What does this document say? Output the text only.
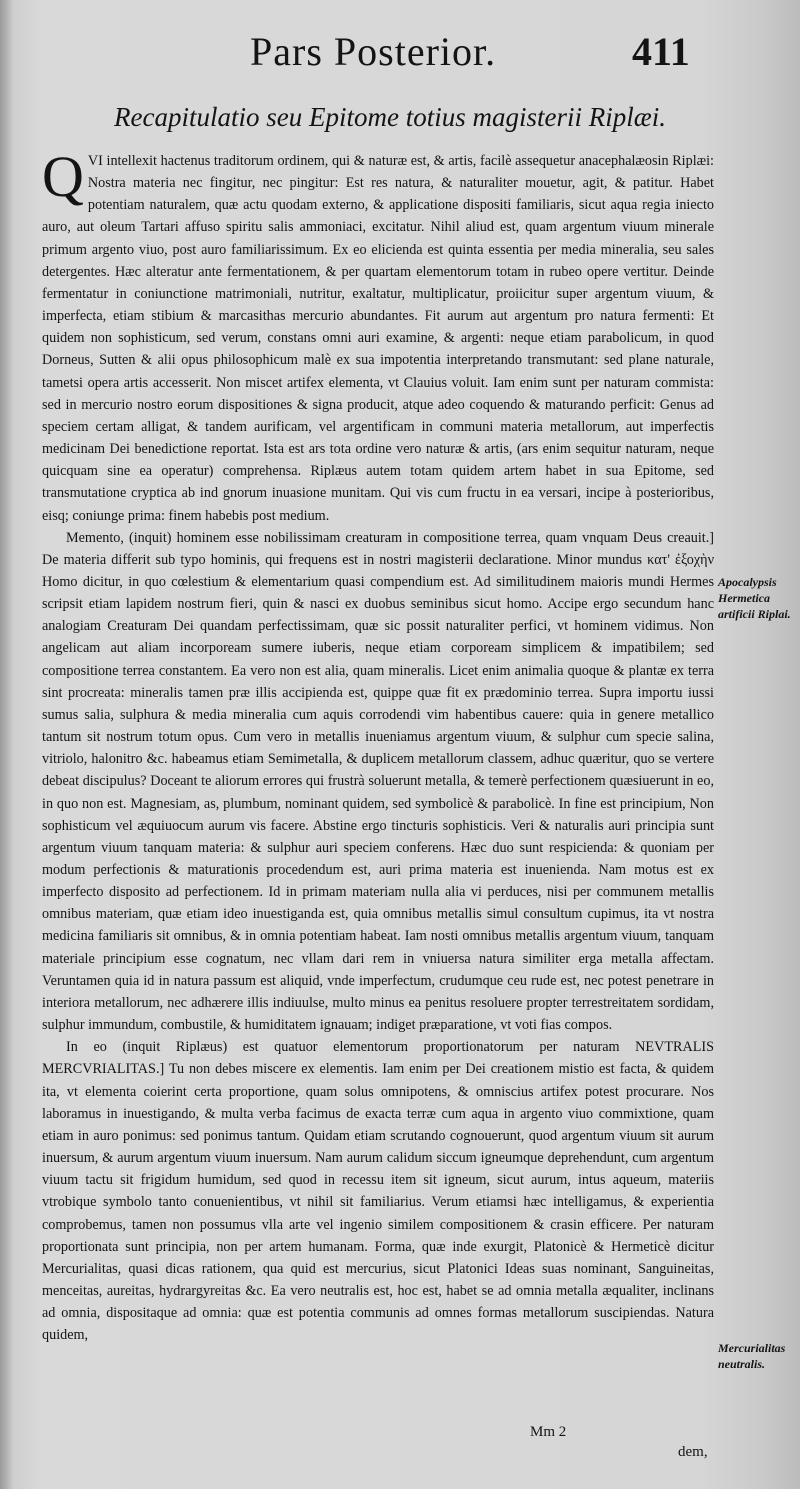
Pars Posterior.	411
Recapitulatio seu Epitome totius magisterii Riplæi.

Q VI intellexit hactenus traditorum ordinem, qui & naturæ est, & artis, facilè assequetur anacephalæosin Riplæi: Nostra materia nec fingitur, nec pingitur: Est res natura, & naturaliter mouetur, agit, & patitur. Habet potentiam naturalem, quæ actu quodam externo, & applicatione dispositi familiaris, sicut aqua regia iniecto auro, aut oleum Tartari affuso spiritu salis ammoniaci, excitatur. Nihil aliud est, quam argentum viuum minerale primum argento viuo, post auro familiarissimum. Ex eo elicienda est quinta essentia per media mineralia, seu sales detergentes. Hæc alteratur ante fermentationem, & per quartam elementorum totam in rubeo opere vertitur. Deinde fermentatur in coniunctione matrimoniali, nutritur, exaltatur, multiplicatur, proiicitur super argentum viuum, & imperfecta, etiam stibium & marcasithas mercurio abundantes. Fit aurum aut argentum pro natura fermenti: Et quidem non sophisticum, sed verum, constans omni auri examine, & argenti: neque etiam parabolicum, in quod Dorneus, Sutten & alii opus philosophicum malè ex sua impotentia interpretando transmutant: sed plane naturale, tametsi opera artis accesserit. Non miscet artifex elementa, vt Clauius voluit. Iam enim sunt per naturam commista: sed in mercurio nostro eorum dispositiones & signa producit, atque adeo coquendo & maturando perficit: Genus ad speciem certam alligat, & tandem aurificam, vel argentificam in communi materia metallorum, aut imperfectis medicinam Dei benedictione reportat. Ista est ars tota ordine vero naturæ & artis, (ars enim sequitur naturam, neque quicquam sine ea operatur) comprehensa. Riplæus autem totam quidem artem habet in sua Epitome, sed transmutatione cryptica ab ind gnorum inuasione munitam. Qui vis cum fructu in ea versari, incipe à posterioribus, eisq; coniunge prima: finem habebis post medium.

Memento, (inquit) hominem esse nobilissimam creaturam in compositione terrea, quam vnquam Deus creauit.] De materia differit sub typo hominis, qui frequens est in nostri magisterii declaratione. Minor mundus κατ' ἐξοχὴν Homo dicitur, in quo cœlestium & elementarium quasi compendium est. Ad similitudinem maioris mundi Hermes scripsit etiam lapidem nostrum fieri, quin & nasci ex duobus seminibus sicut homo. Accipe ergo secundum hanc analogiam Creaturam Dei quandam perfectissimam, quæ sic possit naturaliter perfici, vt hominem vidimus. Non angelicam aut aliam incorpoream sumere iuberis, neque etiam corpoream simplicem & impatibilem; sed compositione terrea constantem. Ea vero non est alia, quam mineralis. Licet enim animalia quoque & plantæ ex terra sint procreata: mineralis tamen præ illis accipienda est, quippe quæ fit ex prædominio terrea. Supra importu iussi sumus salia, sulphura & media mineralia cum aquis corrodendi vim habentibus cauere: quia in genere metallico tantum sit nostrum totum opus. Cum vero in metallis inueniamus argentum viuum, & sulphur cum specie salina, vitriolo, halonitro &c. habeamus etiam Semimetalla, & duplicem metallorum classem, adhuc quæritur, quo se vertere debeat discipulus? Doceant te aliorum errores qui frustrà soluerunt metalla, & temerè perfectionem quæsiuerunt in eo, in quo non est. Magnesiam, as, plumbum, nominant quidem, sed symbolicè & parabolicè. In fine est principium, Non sophisticum vel æquiuocum aurum vis facere. Abstine ergo tincturis sophisticis. Veri & naturalis auri principia sunt argentum viuum tanquam materia: & sulphur auri speciem conferens. Hæc duo sunt respicienda: & quoniam per modum perfectionis & maturationis procedendum est, auri prima materia est inuenienda. Nam motus est ex imperfecto disposito ad perfectionem. Id in primam materiam nulla alia vi perduces, nisi per communem metallis omnibus materiam, quæ etiam ideo inuestiganda est, quia omnibus metallis simul consultum cupimus, ita vt nostra medicina familiaris sit omnibus, & in omnia potentiam habeat. Iam nosti omnibus metallis argentum viuum, tanquam materiale principium esse cognatum, nec vllam dari rem in vniuersa natura similiter erga metalla affectam. Veruntamen quia id in natura passum est aliquid, vnde imperfectum, crudumque ceu rude est, nec potest penetrare in interiora metallorum, nec adhærere illis indiuulse, multo minus ea penitus resoluere propter terrestreitatem sordidam, sulphur immundum, combustile, & humiditatem ignauam; indiget præparatione, vt voti fias compos.

In eo (inquit Riplæus) est quatuor elementorum proportionatorum per naturam NEVTRALIS MERCVRIALITAS.] Tu non debes miscere ex elementis. Iam enim per Dei creationem mistio est facta, & quidem ita, vt elementa coierint certa proportione, quam solus omnipotens, & omniscius artifex potest procurare. Nos laboramus in inuestigando, & multa verba facimus de exacta terræ cum aqua in argento viuo commixtione, quam etiam in auro ponimus: sed ponimus tantum. Quidam etiam scrutando cognouerunt, quod argentum viuum sit aurum inuersum, & aurum argentum viuum inuersum. Nam aurum calidum siccum igneumque deprehendunt, cum argentum viuum tactu sit frigidum humidum, sed quod in recessu item sit igneum, sicut aurum, intus aqueum, materiis vtrobique symbolo tanto conuenientibus, vt nihil sit familiarius. Verum etiamsi hæc intelligamus, & experientia comprobemus, tamen non possumus vlla arte vel ingenio similem compositionem & crasin efficere. Per naturam proportionata sunt principia, non per artem humanam. Forma, quæ inde exurgit, Platonicè & Hermeticè dicitur Mercurialitas, quasi dicas rationem, qua quid est mercurius, sicut Platonici Ideas suas nominant, Sanguineitas, menceitas, aureitas, hydrargyreitas &c. Ea vero neutralis est, hoc est, habet se ad omnia metalla æqualiter, inclinans ad omnia, dispositaque ad omnia: quæ est potentia communis ad omnes formas metallorum suscipiendas. Natura quidem,

Apocalypsis Hermetica artificii Riplai.
Mercurialitas neutralis.
Mm 2
dem,
